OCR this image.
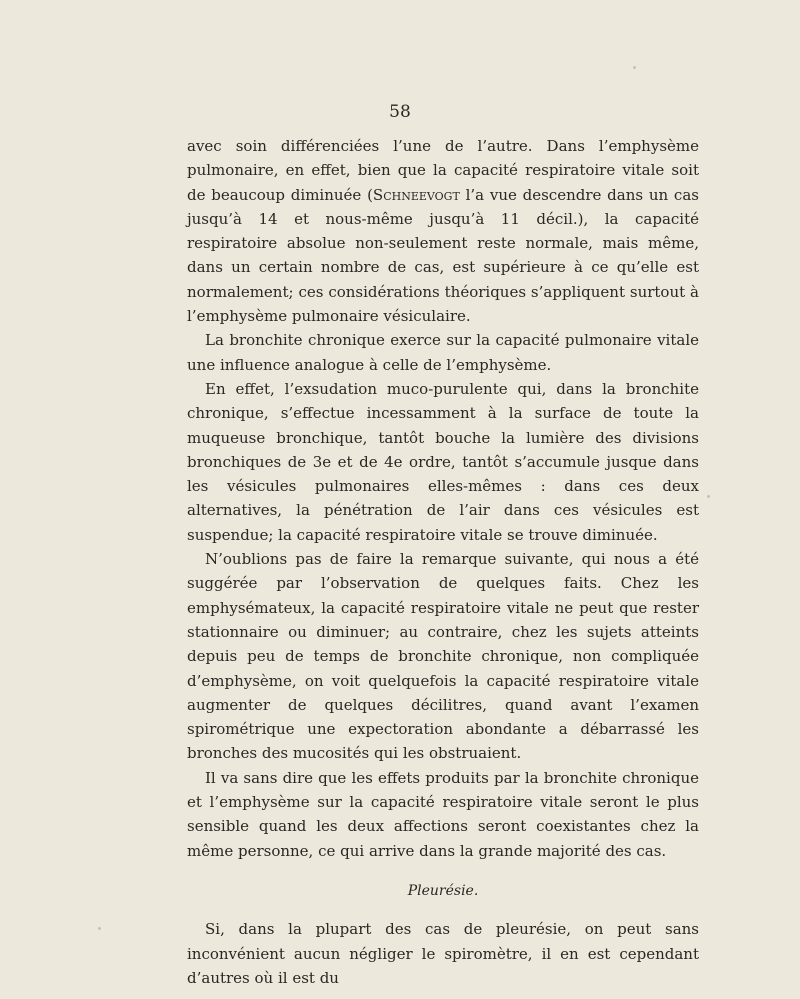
58

avec soin différenciées l’une de l’autre. Dans l’emphysème pulmonaire, en effet, bien que la capacité respiratoire vitale soit de beaucoup diminuée (Schneevogt l’a vue descendre dans un cas jusqu’à 14 et nous-même jusqu’à 11 décil.), la capacité respiratoire absolue non-seulement reste normale, mais même, dans un certain nombre de cas, est supérieure à ce qu’elle est normalement; ces considérations théoriques s’appliquent surtout à l’emphysème pulmonaire vésiculaire.

La bronchite chronique exerce sur la capacité pulmonaire vitale une influence analogue à celle de l’emphysème.

En effet, l’exsudation muco-purulente qui, dans la bronchite chronique, s’effectue incessamment à la surface de toute la muqueuse bronchique, tantôt bouche la lumière des divisions bronchiques de 3e et de 4e ordre, tantôt s’accumule jusque dans les vésicules pulmonaires elles-mêmes : dans ces deux alternatives, la pénétration de l’air dans ces vésicules est suspendue; la capacité respiratoire vitale se trouve diminuée.

N’oublions pas de faire la remarque suivante, qui nous a été suggérée par l’observation de quelques faits. Chez les emphysémateux, la capacité respiratoire vitale ne peut que rester stationnaire ou diminuer; au contraire, chez les sujets atteints depuis peu de temps de bronchite chronique, non compliquée d’emphysème, on voit quelquefois la capacité respiratoire vitale augmenter de quelques décilitres, quand avant l’examen spirométrique une expectoration abondante a débarrassé les bronches des mucosités qui les obstruaient.

Il va sans dire que les effets produits par la bronchite chronique et l’emphysème sur la capacité respiratoire vitale seront le plus sensible quand les deux affections seront coexistantes chez la même personne, ce qui arrive dans la grande majorité des cas.

Pleurésie.

Si, dans la plupart des cas de pleurésie, on peut sans inconvénient aucun négliger le spiromètre, il en est cependant d’autres où il est du
